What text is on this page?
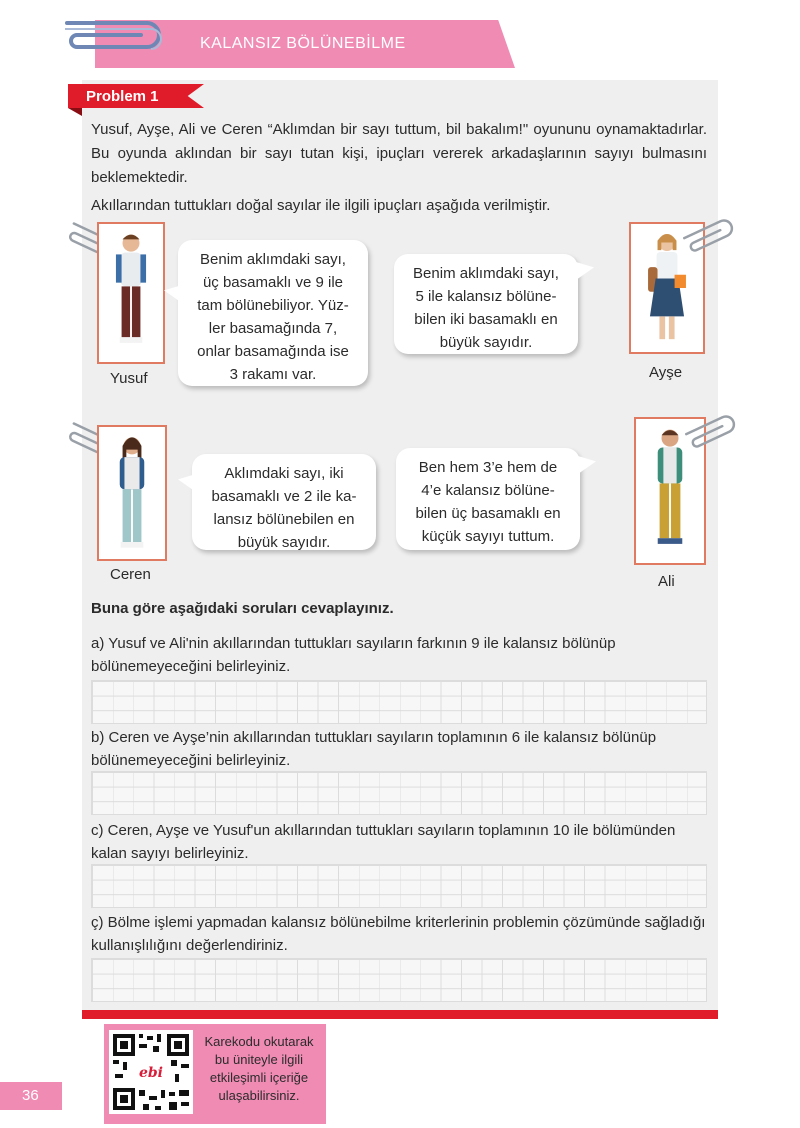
KALANSIZ BÖLÜNEBİLME
Problem 1

Yusuf, Ayşe, Ali ve Ceren “Aklımdan bir sayı tuttum, bil bakalım!" oyununu oynamaktadırlar. Bu oyunda aklından bir sayı tutan kişi, ipuçları vererek arkadaşlarının sayıyı bulmasını beklemektedir.

Akıllarından tuttukları doğal sayılar ile ilgili ipuçları aşağıda verilmiştir.

Yusuf
Benim aklımdaki sayı,
üç basamaklı ve 9 ile
tam bölünebiliyor. Yüz-
ler basamağında 7,
onlar basamağında ise
3 rakamı var.
Benim aklımdaki sayı,
5 ile kalansız bölüne-
bilen iki basamaklı en
büyük sayıdır.
Ayşe
Ceren
Aklımdaki sayı, iki
basamaklı ve 2 ile ka-
lansız bölünebilen en
büyük sayıdır.
Ben hem 3’e hem de
4’e kalansız bölüne-
bilen üç basamaklı en
küçük sayıyı tuttum.
Ali
Buna göre aşağıdaki soruları cevaplayınız.

a) Yusuf ve Ali'nin akıllarından tuttukları sayıların farkının 9 ile kalansız bölünüp bölünemeyeceğini belirleyiniz.

b) Ceren ve Ayşe’nin akıllarından tuttukları sayıların toplamının 6 ile kalansız bölünüp bölünemeyeceğini belirleyiniz.

c) Ceren, Ayşe ve Yusuf'un akıllarından tuttukları sayıların toplamının 10 ile bölümünden kalan sayıyı belirleyiniz.

ç) Bölme işlemi yapmadan kalansız bölünebilme kriterlerinin problemin çözümünde sağladığı kullanışlılığını değerlendiriniz.

36
ebi
Karekodu okutarak
bu üniteyle ilgili
etkileşimli içeriğe
ulaşabilirsiniz.
